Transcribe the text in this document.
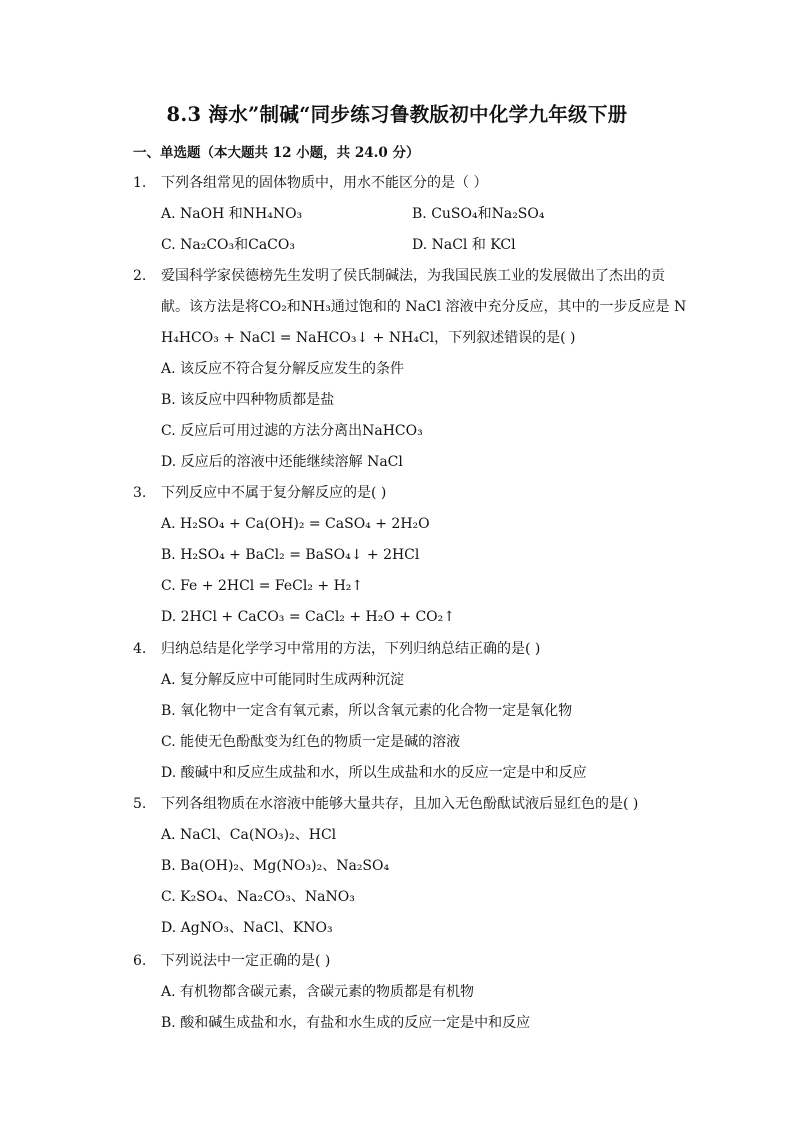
8.3 海水”制碱“同步练习鲁教版初中化学九年级下册
一、单选题（本大题共 12 小题，共 24.0 分）
1. 下列各组常见的固体物质中，用水不能区分的是（ ）
A. NaOH 和NH₄NO₃	B. CuSO₄和Na₂SO₄
C. Na₂CO₃和CaCO₃	D. NaCl 和 KCl
2. 爱国科学家侯德榜先生发明了侯氏制碱法，为我国民族工业的发展做出了杰出的贡
献。该方法是将CO₂和NH₃通过饱和的 NaCl 溶液中充分反应，其中的一步反应是 N
H₄HCO₃ + NaCl = NaHCO₃↓ + NH₄Cl，下列叙述错误的是( )
A. 该反应不符合复分解反应发生的条件
B. 该反应中四种物质都是盐
C. 反应后可用过滤的方法分离出NaHCO₃
D. 反应后的溶液中还能继续溶解 NaCl
3. 下列反应中不属于复分解反应的是( )
A. H₂SO₄ + Ca(OH)₂ = CaSO₄ + 2H₂O
B. H₂SO₄ + BaCl₂ = BaSO₄↓ + 2HCl
C. Fe + 2HCl = FeCl₂ + H₂↑
D. 2HCl + CaCO₃ = CaCl₂ + H₂O + CO₂↑
4. 归纳总结是化学学习中常用的方法，下列归纳总结正确的是( )
A. 复分解反应中可能同时生成两种沉淀
B. 氧化物中一定含有氧元素，所以含氧元素的化合物一定是氧化物
C. 能使无色酚酞变为红色的物质一定是碱的溶液
D. 酸碱中和反应生成盐和水，所以生成盐和水的反应一定是中和反应
5. 下列各组物质在水溶液中能够大量共存，且加入无色酚酞试液后显红色的是( )
A. NaCl、Ca(NO₃)₂、HCl
B. Ba(OH)₂、Mg(NO₃)₂、Na₂SO₄
C. K₂SO₄、Na₂CO₃、NaNO₃
D. AgNO₃、NaCl、KNO₃
6. 下列说法中一定正确的是( )
A. 有机物都含碳元素，含碳元素的物质都是有机物
B. 酸和碱生成盐和水，有盐和水生成的反应一定是中和反应
